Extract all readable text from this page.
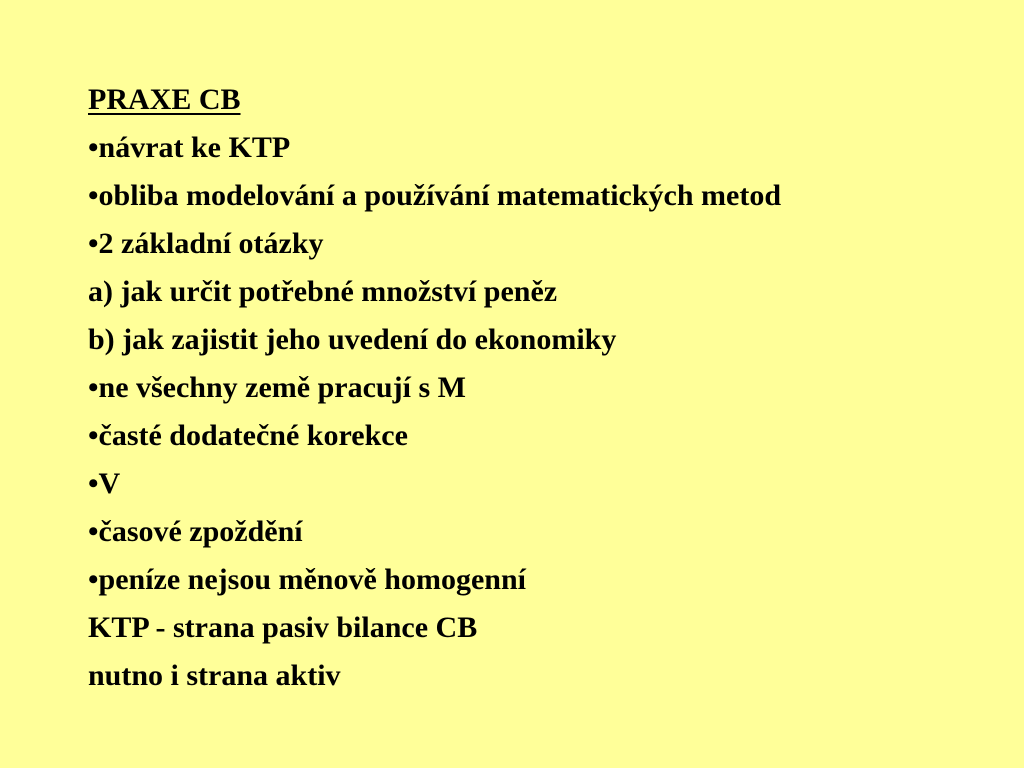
PRAXE CB
•návrat ke KTP
•obliba modelování a používání matematických metod
•2 základní otázky
a) jak určit potřebné množství peněz
b) jak zajistit jeho uvedení do ekonomiky
•ne všechny země pracují s M
•časté dodatečné korekce
•V
•časové zpoždění
•peníze nejsou měnově homogenní
KTP - strana pasiv bilance CB
nutno i strana aktiv
